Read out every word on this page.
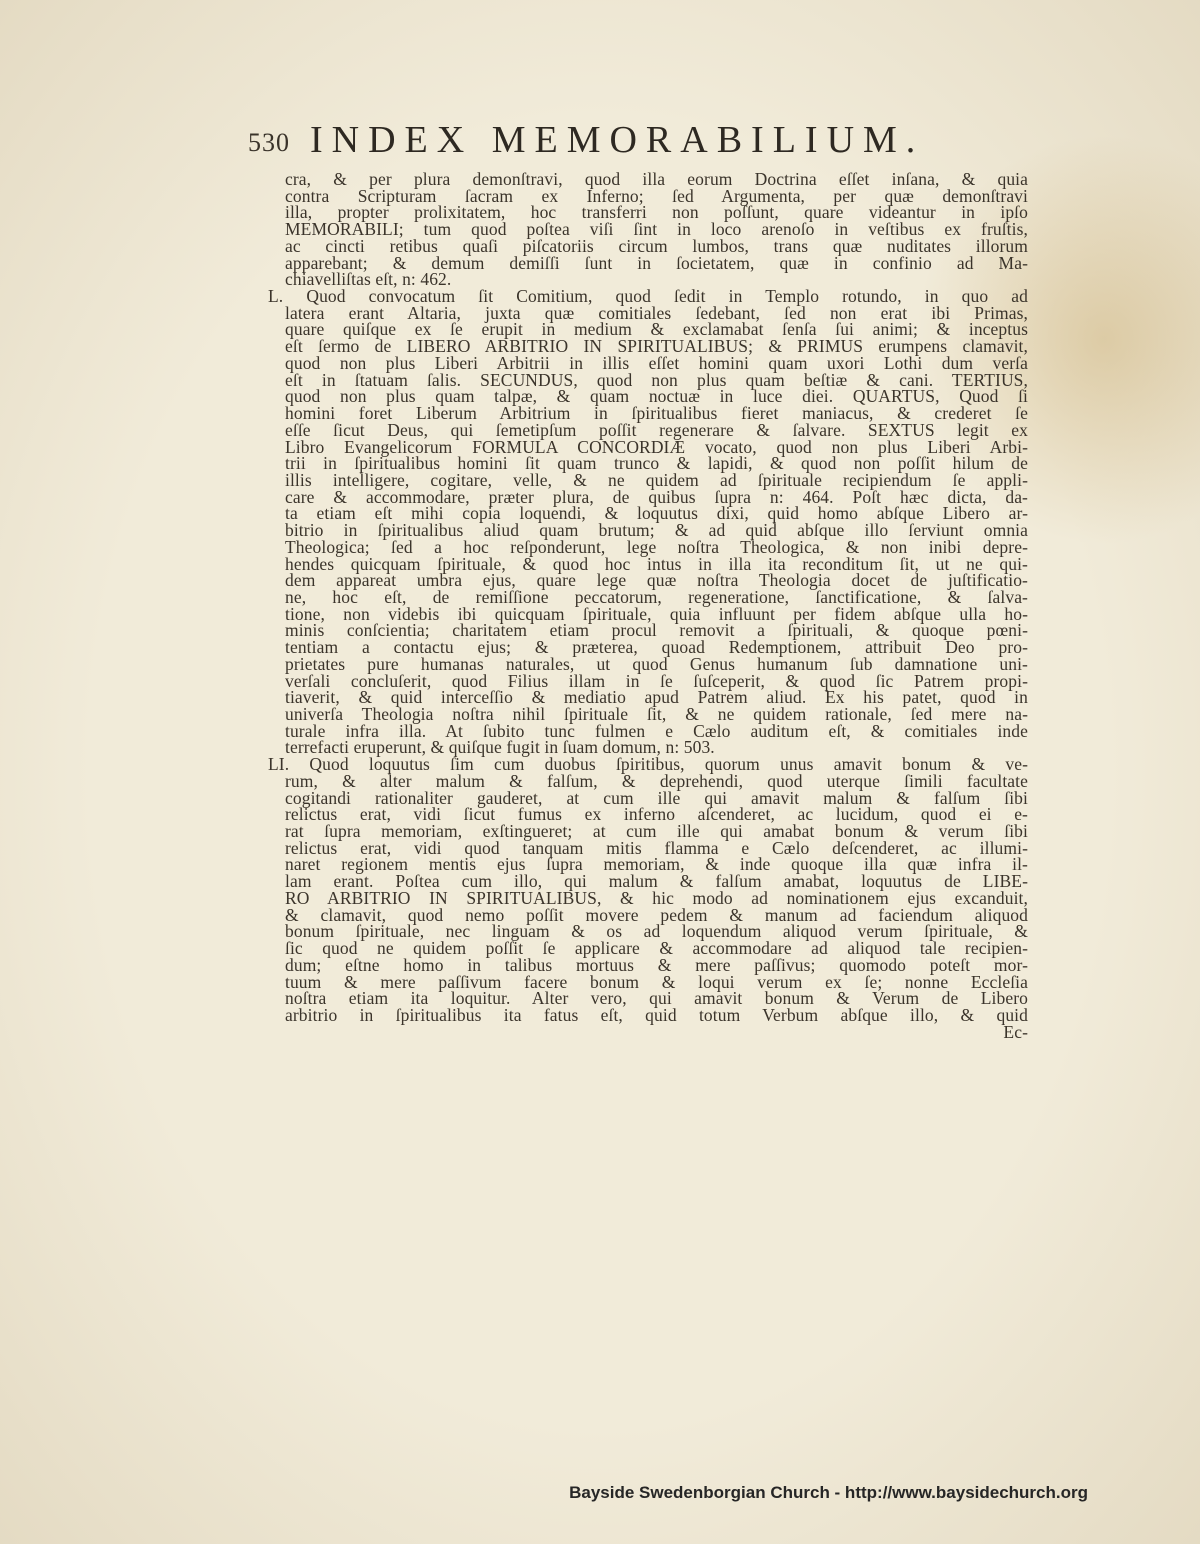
530 INDEX MEMORABILIUM.
cra, & per plura demonſtravi, quod illa eorum Doctrina eſſet inſana, & quia
contra Scripturam ſacram ex Inferno; ſed Argumenta, per quæ demonſtravi
illa, propter prolixitatem, hoc transferri non poſſunt, quare videantur in ipſo
MEMORABILI; tum quod poſtea viſi ſint in loco arenoſo in veſtibus ex fruſtis,
ac cincti retibus quaſi piſcatoriis circum lumbos, trans quæ nuditates illorum
apparebant; & demum demiſſi ſunt in ſocietatem, quæ in confinio ad Ma-
chiavelliſtas eſt, n: 462.
L. Quod convocatum ſit Comitium, quod ſedit in Templo rotundo, in quo ad
latera erant Altaria, juxta quæ comitiales ſedebant, ſed non erat ibi Primas,
quare quiſque ex ſe erupit in medium & exclamabat ſenſa ſui animi; & inceptus
eſt ſermo de LIBERO ARBITRIO IN SPIRITUALIBUS; & PRIMUS erumpens clamavit,
quod non plus Liberi Arbitrii in illis eſſet homini quam uxori Lothi dum verſa
eſt in ſtatuam ſalis. SECUNDUS, quod non plus quam beſtiæ & cani. TERTIUS,
quod non plus quam talpæ, & quam noctuæ in luce diei. QUARTUS, Quod ſi
homini foret Liberum Arbitrium in ſpiritualibus fieret maniacus, & crederet ſe
eſſe ſicut Deus, qui ſemetipſum poſſit regenerare & ſalvare. SEXTUS legit ex
Libro Evangelicorum FORMULA CONCORDIÆ vocato, quod non plus Liberi Arbi-
trii in ſpiritualibus homini ſit quam trunco & lapidi, & quod non poſſit hilum de
illis intelligere, cogitare, velle, & ne quidem ad ſpirituale recipiendum ſe appli-
care & accommodare, præter plura, de quibus ſupra n: 464. Poſt hæc dicta, da-
ta etiam eſt mihi copia loquendi, & loquutus dixi, quid homo abſque Libero ar-
bitrio in ſpiritualibus aliud quam brutum; & ad quid abſque illo ſerviunt omnia
Theologica; ſed a hoc reſponderunt, lege noſtra Theologica, & non inibi depre-
hendes quicquam ſpirituale, & quod hoc intus in illa ita reconditum ſit, ut ne qui-
dem appareat umbra ejus, quare lege quæ noſtra Theologia docet de juſtificatio-
ne, hoc eſt, de remiſſione peccatorum, regeneratione, ſanctificatione, & ſalva-
tione, non videbis ibi quicquam ſpirituale, quia influunt per fidem abſque ulla ho-
minis conſcientia; charitatem etiam procul removit a ſpirituali, & quoque pœni-
tentiam a contactu ejus; & præterea, quoad Redemptionem, attribuit Deo pro-
prietates pure humanas naturales, ut quod Genus humanum ſub damnatione uni-
verſali concluſerit, quod Filius illam in ſe ſuſceperit, & quod ſic Patrem propi-
tiaverit, & quid interceſſio & mediatio apud Patrem aliud. Ex his patet, quod in
univerſa Theologia noſtra nihil ſpirituale ſit, & ne quidem rationale, ſed mere na-
turale infra illa. At ſubito tunc fulmen e Cælo auditum eſt, & comitiales inde
terrefacti eruperunt, & quiſque fugit in ſuam domum, n: 503.
LI. Quod loquutus ſim cum duobus ſpiritibus, quorum unus amavit bonum & ve-
rum, & alter malum & falſum, & deprehendi, quod uterque ſimili facultate
cogitandi rationaliter gauderet, at cum ille qui amavit malum & falſum ſibi
relictus erat, vidi ſicut fumus ex inferno aſcenderet, ac lucidum, quod ei e-
rat ſupra memoriam, exſtingueret; at cum ille qui amabat bonum & verum ſibi
relictus erat, vidi quod tanquam mitis flamma e Cælo deſcenderet, ac illumi-
naret regionem mentis ejus ſupra memoriam, & inde quoque illa quæ infra il-
lam erant. Poſtea cum illo, qui malum & falſum amabat, loquutus de LIBE-
RO ARBITRIO IN SPIRITUALIBUS, & hic modo ad nominationem ejus excanduit,
& clamavit, quod nemo poſſit movere pedem & manum ad faciendum aliquod
bonum ſpirituale, nec linguam & os ad loquendum aliquod verum ſpirituale, &
ſic quod ne quidem poſſit ſe applicare & accommodare ad aliquod tale recipien-
dum; eſtne homo in talibus mortuus & mere paſſivus; quomodo poteſt mor-
tuum & mere paſſivum facere bonum & loqui verum ex ſe; nonne Eccleſia
noſtra etiam ita loquitur. Alter vero, qui amavit bonum & Verum de Libero
arbitrio in ſpiritualibus ita fatus eſt, quid totum Verbum abſque illo, & quid
Ec-
Bayside Swedenborgian Church - http://www.baysidechurch.org
